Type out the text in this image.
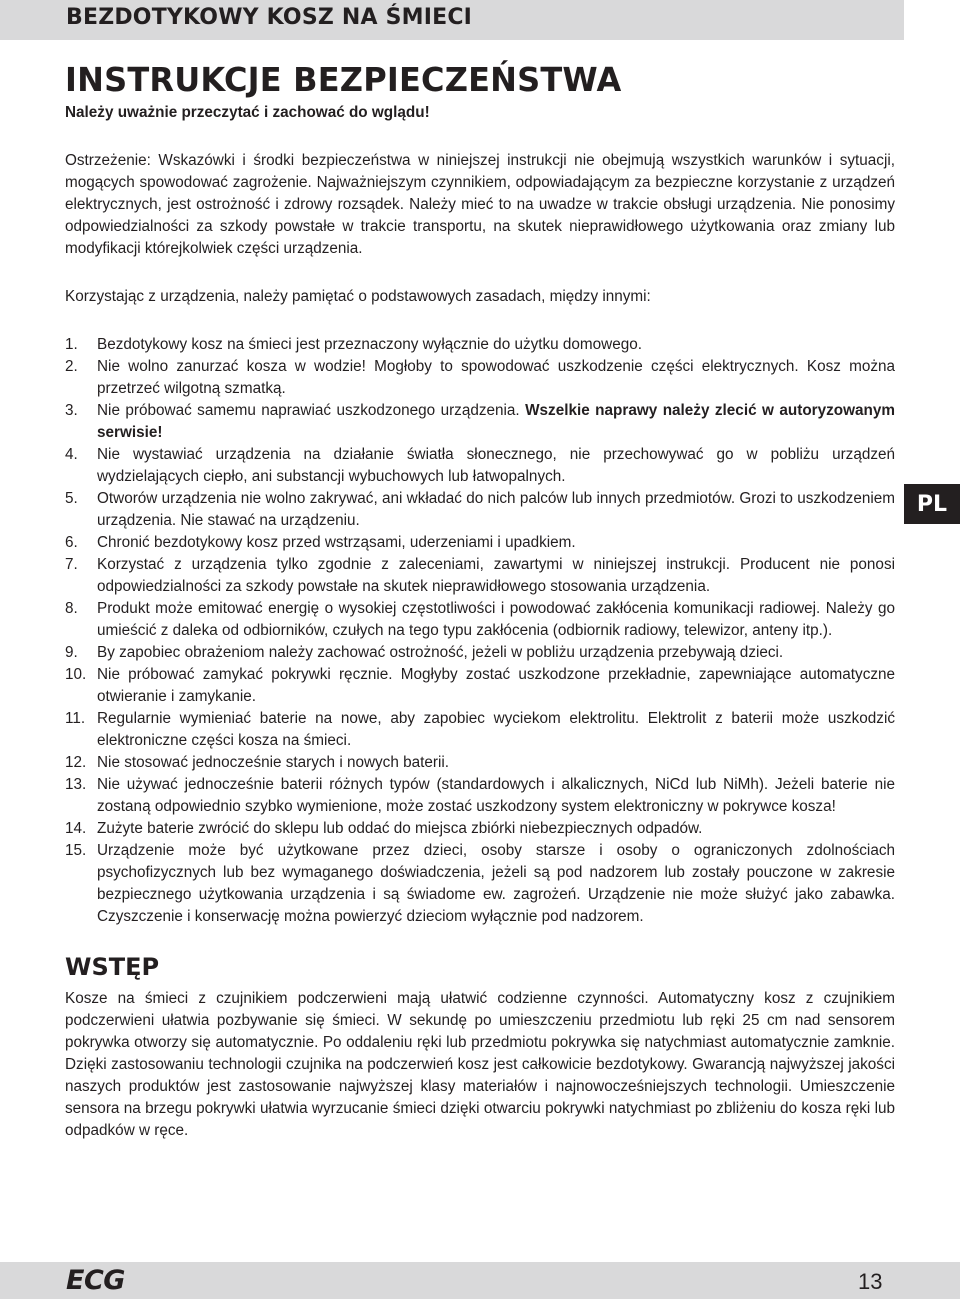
BEZDOTYKOWY KOSZ NA ŚMIECI
INSTRUKCJE BEZPIECZEŃSTWA

Należy uważnie przeczytać i zachować do wglądu!

Ostrzeżenie: Wskazówki i środki bezpieczeństwa w niniejszej instrukcji nie obejmują wszystkich warunków i sytuacji, mogących spowodować zagrożenie. Najważniejszym czynnikiem, odpowiadającym za bezpieczne korzystanie z urządzeń elektrycznych, jest ostrożność i zdrowy rozsądek. Należy mieć to na uwadze w trakcie obsługi urządzenia. Nie ponosimy odpowiedzialności za szkody powstałe w trakcie transportu, na skutek nieprawidłowego użytkowania oraz zmiany lub modyfikacji którejkolwiek części urządzenia.

Korzystając z urządzenia, należy pamiętać o podstawowych zasadach, między innymi:

1. Bezdotykowy kosz na śmieci jest przeznaczony wyłącznie do użytku domowego.
2. Nie wolno zanurzać kosza w wodzie! Mogłoby to spowodować uszkodzenie części elektrycznych. Kosz można przetrzeć wilgotną szmatką.
3. Nie próbować samemu naprawiać uszkodzonego urządzenia. Wszelkie naprawy należy zlecić w autoryzowanym serwisie!
4. Nie wystawiać urządzenia na działanie światła słonecznego, nie przechowywać go w pobliżu urządzeń wydzielających ciepło, ani substancji wybuchowych lub łatwopalnych.
5. Otworów urządzenia nie wolno zakrywać, ani wkładać do nich palców lub innych przedmiotów. Grozi to uszkodzeniem urządzenia. Nie stawać na urządzeniu.
6. Chronić bezdotykowy kosz przed wstrząsami, uderzeniami i upadkiem.
7. Korzystać z urządzenia tylko zgodnie z zaleceniami, zawartymi w niniejszej instrukcji. Producent nie ponosi odpowiedzialności za szkody powstałe na skutek nieprawidłowego stosowania urządzenia.
8. Produkt może emitować energię o wysokiej częstotliwości i powodować zakłócenia komunikacji radiowej. Należy go umieścić z daleka od odbiorników, czułych na tego typu zakłócenia (odbiornik radiowy, telewizor, anteny itp.).
9. By zapobiec obrażeniom należy zachować ostrożność, jeżeli w pobliżu urządzenia przebywają dzieci.
10. Nie próbować zamykać pokrywki ręcznie. Mogłyby zostać uszkodzone przekładnie, zapewniające automatyczne otwieranie i zamykanie.
11. Regularnie wymieniać baterie na nowe, aby zapobiec wyciekom elektrolitu. Elektrolit z baterii może uszkodzić elektroniczne części kosza na śmieci.
12. Nie stosować jednocześnie starych i nowych baterii.
13. Nie używać jednocześnie baterii różnych typów (standardowych i alkalicznych, NiCd lub NiMh). Jeżeli baterie nie zostaną odpowiednio szybko wymienione, może zostać uszkodzony system elektroniczny w pokrywce kosza!
14. Zużyte baterie zwrócić do sklepu lub oddać do miejsca zbiórki niebezpiecznych odpadów.
15. Urządzenie może być użytkowane przez dzieci, osoby starsze i osoby o ograniczonych zdolnościach psychofizycznych lub bez wymaganego doświadczenia, jeżeli są pod nadzorem lub zostały pouczone w zakresie bezpiecznego użytkowania urządzenia i są świadome ew. zagrożeń. Urządzenie nie może służyć jako zabawka. Czyszczenie i konserwację można powierzyć dzieciom wyłącznie pod nadzorem.
WSTĘP

Kosze na śmieci z czujnikiem podczerwieni mają ułatwić codzienne czynności. Automatyczny kosz z czujnikiem podczerwieni ułatwia pozbywanie się śmieci. W sekundę po umieszczeniu przedmiotu lub ręki 25 cm nad sensorem pokrywka otworzy się automatycznie. Po oddaleniu ręki lub przedmiotu pokrywka się natychmiast automatycznie zamknie. Dzięki zastosowaniu technologii czujnika na podczerwień kosz jest całkowicie bezdotykowy. Gwarancją najwyższej jakości naszych produktów jest zastosowanie najwyższej klasy materiałów i najnowocześniejszych technologii. Umieszczenie sensora na brzegu pokrywki ułatwia wyrzucanie śmieci dzięki otwarciu pokrywki natychmiast po zbliżeniu do kosza ręki lub odpadków w ręce.

PL
ECG	13
